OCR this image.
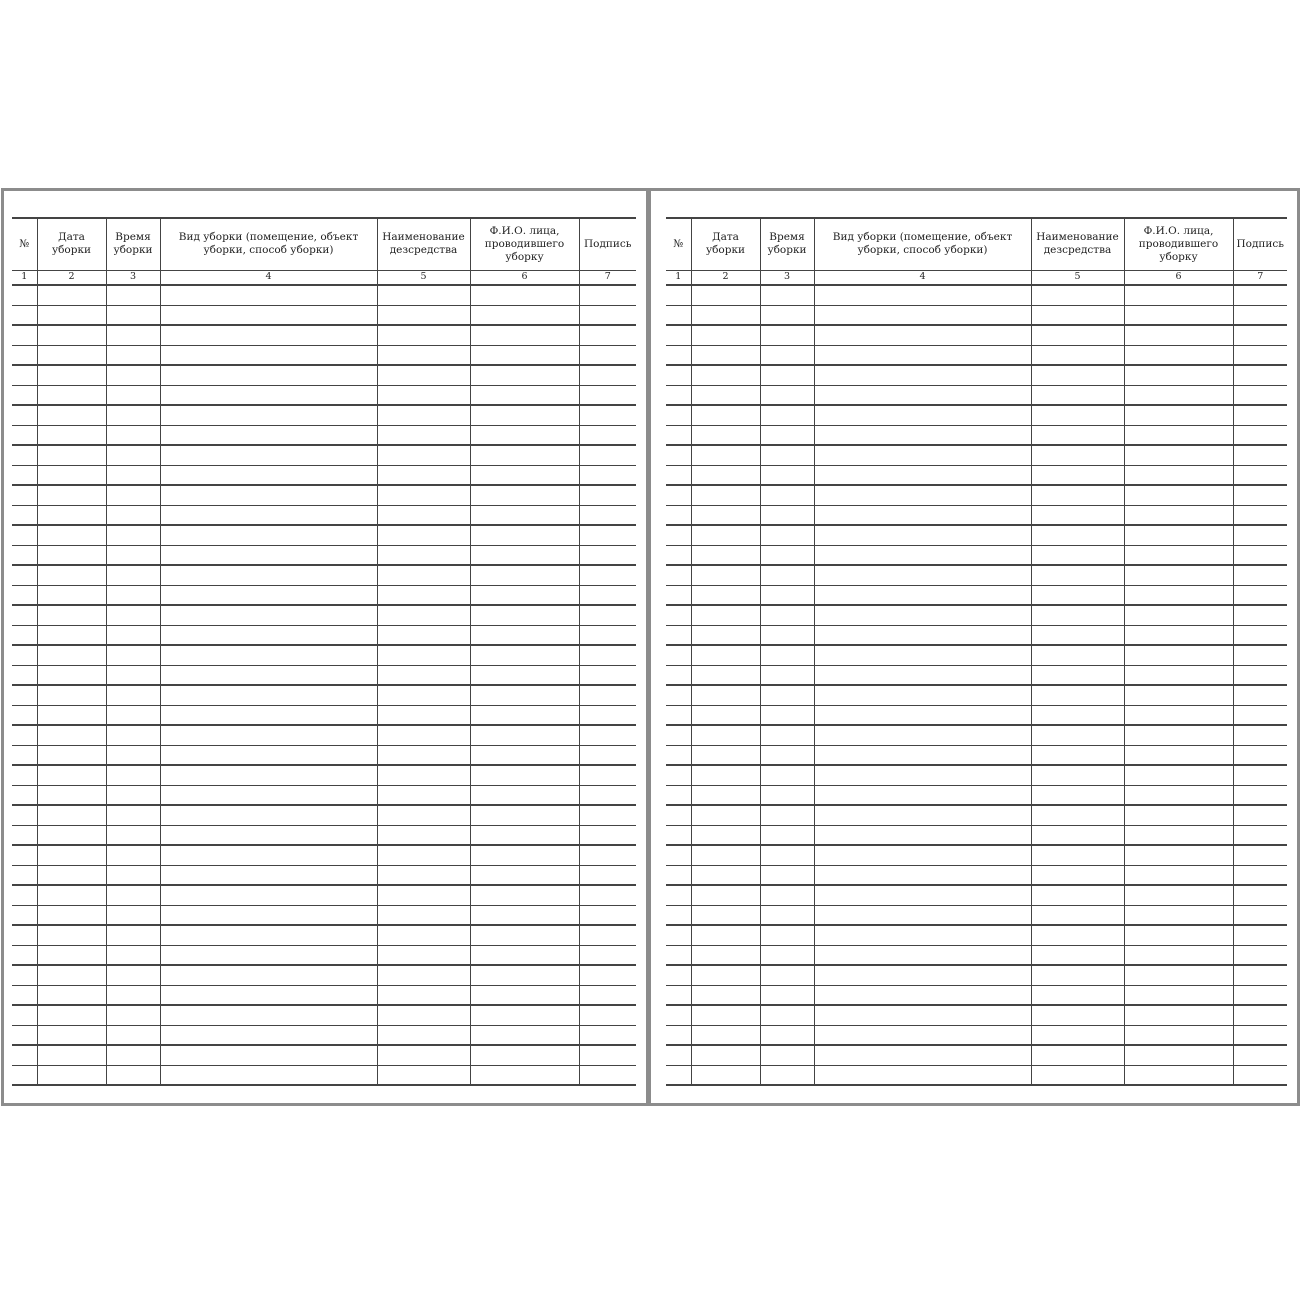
№	Дата уборки	Время уборки	Вид уборки (помещение, объект уборки, способ уборки)	Наименование дезсредства	Ф.И.О. лица, проводившего уборку	Подпись
1	2	3	4	5	6	7

№	Дата уборки	Время уборки	Вид уборки (помещение, объект уборки, способ уборки)	Наименование дезсредства	Ф.И.О. лица, проводившего уборку	Подпись
1	2	3	4	5	6	7
